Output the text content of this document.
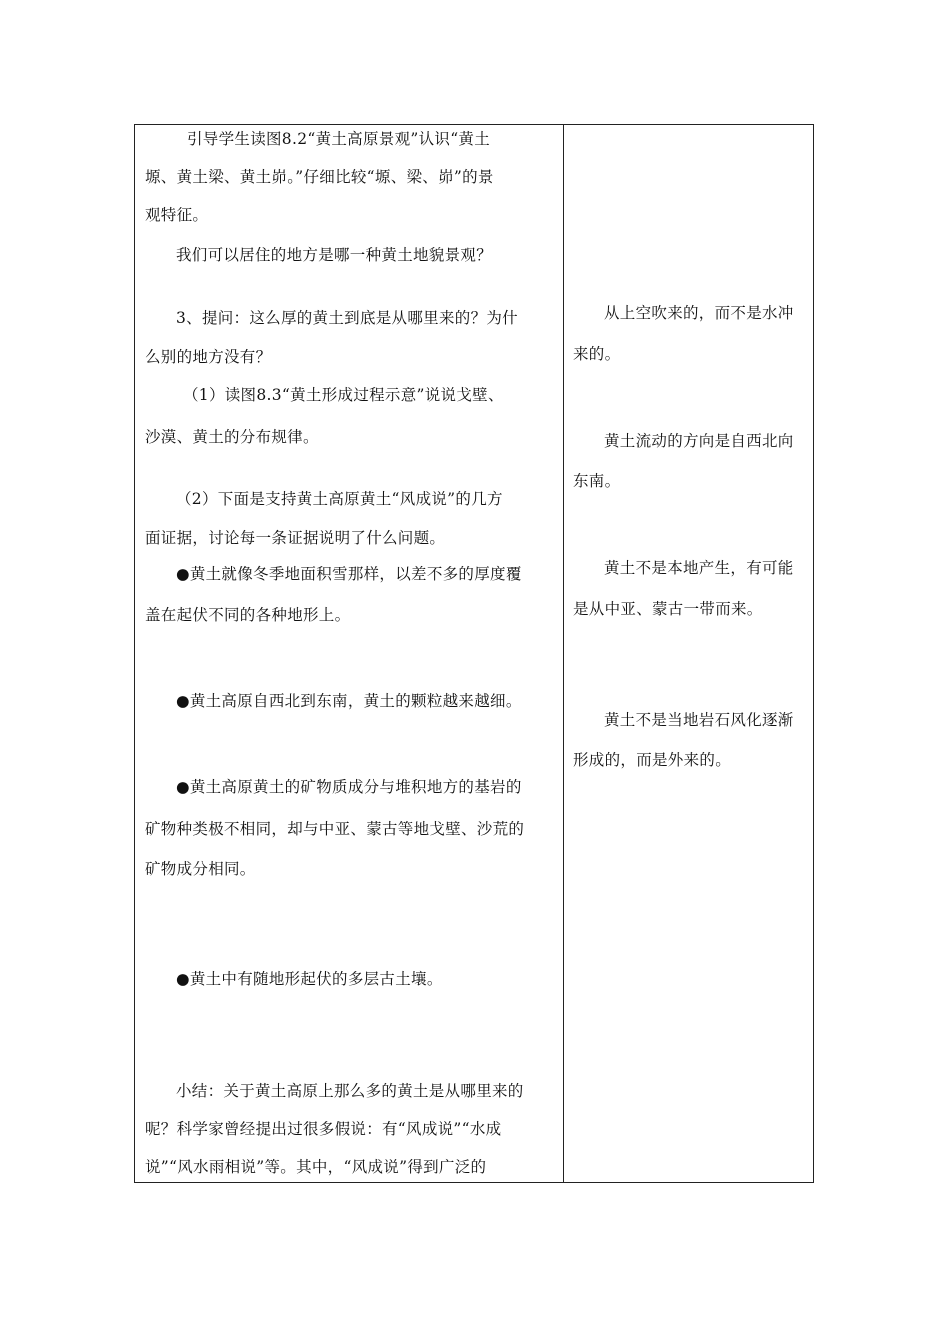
引导学生读图8.2“黄土高原景观”认识“黄土
塬、黄土梁、黄土峁。”仔细比较“塬、梁、峁”的景
观特征。
我们可以居住的地方是哪一种黄土地貌景观？
3、提问：这么厚的黄土到底是从哪里来的？为什
么别的地方没有？
（1）读图8.3“黄土形成过程示意”说说戈壁、
沙漠、黄土的分布规律。
（2）下面是支持黄土高原黄土“风成说”的几方
面证据，讨论每一条证据说明了什么问题。
●黄土就像冬季地面积雪那样，以差不多的厚度覆
盖在起伏不同的各种地形上。
●黄土高原自西北到东南，黄土的颗粒越来越细。
●黄土高原黄土的矿物质成分与堆积地方的基岩的
矿物种类极不相同，却与中亚、蒙古等地戈壁、沙荒的
矿物成分相同。
●黄土中有随地形起伏的多层古土壤。
小结：关于黄土高原上那么多的黄土是从哪里来的
呢？科学家曾经提出过很多假说：有“风成说”“水成
说”“风水雨相说”等。其中，“风成说”得到广泛的
从上空吹来的，而不是水冲
来的。
黄土流动的方向是自西北向
东南。
黄土不是本地产生，有可能
是从中亚、蒙古一带而来。
黄土不是当地岩石风化逐渐
形成的，而是外来的。
